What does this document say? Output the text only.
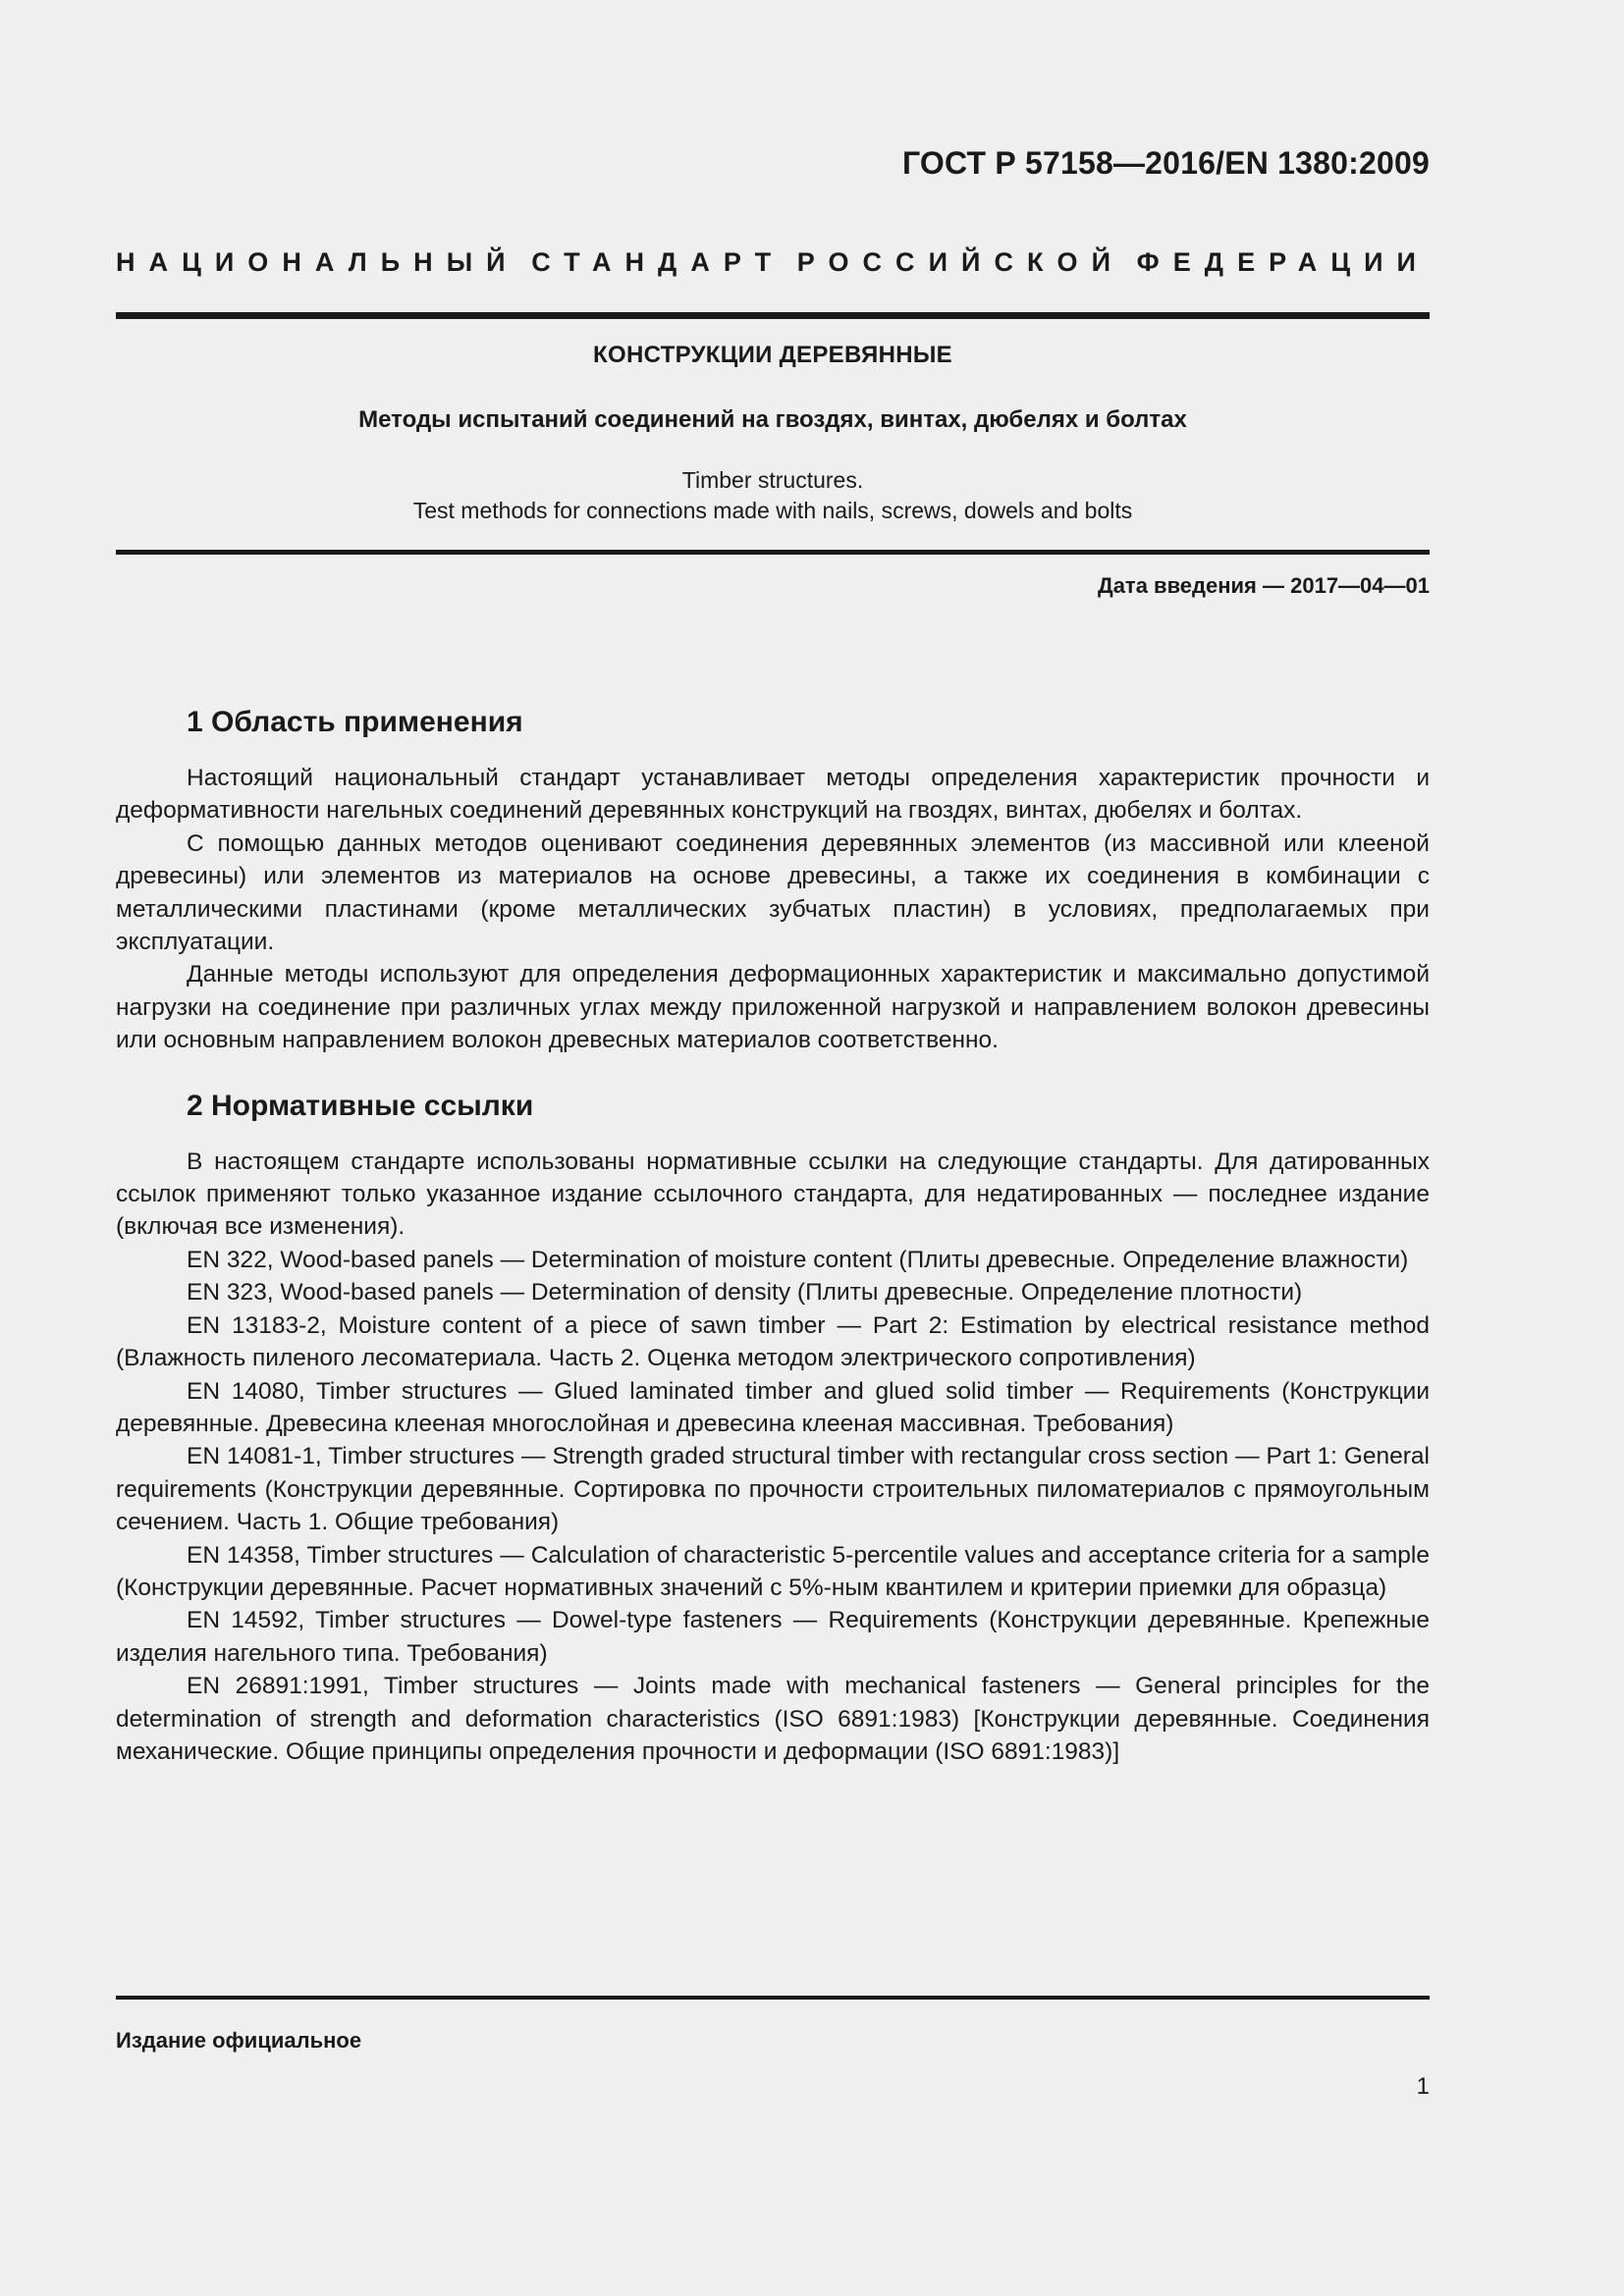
ГОСТ Р 57158—2016/EN 1380:2009
НАЦИОНАЛЬНЫЙ СТАНДАРТ РОССИЙСКОЙ ФЕДЕРАЦИИ
КОНСТРУКЦИИ ДЕРЕВЯННЫЕ
Методы испытаний соединений на гвоздях, винтах, дюбелях и болтах
Timber structures.
Test methods for connections made with nails, screws, dowels and bolts
Дата введения — 2017—04—01
1 Область применения

Настоящий национальный стандарт устанавливает методы определения характеристик прочности и деформативности нагельных соединений деревянных конструкций на гвоздях, винтах, дюбелях и болтах.

С помощью данных методов оценивают соединения деревянных элементов (из массивной или клееной древесины) или элементов из материалов на основе древесины, а также их соединения в комбинации с металлическими пластинами (кроме металлических зубчатых пластин) в условиях, предполагаемых при эксплуатации.

Данные методы используют для определения деформационных характеристик и максимально допустимой нагрузки на соединение при различных углах между приложенной нагрузкой и направлением волокон древесины или основным направлением волокон древесных материалов соответственно.

2 Нормативные ссылки

В настоящем стандарте использованы нормативные ссылки на следующие стандарты. Для датированных ссылок применяют только указанное издание ссылочного стандарта, для недатированных — последнее издание (включая все изменения).

EN 322, Wood-based panels — Determination of moisture content (Плиты древесные. Определение влажности)

EN 323, Wood-based panels — Determination of density (Плиты древесные. Определение плотности)

EN 13183-2, Moisture content of a piece of sawn timber — Part 2: Estimation by electrical resistance method (Влажность пиленого лесоматериала. Часть 2. Оценка методом электрического сопротивления)

EN 14080, Timber structures — Glued laminated timber and glued solid timber — Requirements (Конструкции деревянные. Древесина клееная многослойная и древесина клееная массивная. Требования)

EN 14081-1, Timber structures — Strength graded structural timber with rectangular cross section — Part 1: General requirements (Конструкции деревянные. Сортировка по прочности строительных пиломатериалов с прямоугольным сечением. Часть 1. Общие требования)

EN 14358, Timber structures — Calculation of characteristic 5-percentile values and acceptance criteria for a sample (Конструкции деревянные. Расчет нормативных значений с 5%-ным квантилем и критерии приемки для образца)

EN 14592, Timber structures — Dowel-type fasteners — Requirements (Конструкции деревянные. Крепежные изделия нагельного типа. Требования)

EN 26891:1991, Timber structures — Joints made with mechanical fasteners — General principles for the determination of strength and deformation characteristics (ISO 6891:1983) [Конструкции деревянные. Соединения механические. Общие принципы определения прочности и деформации (ISO 6891:1983)]

Издание официальное
1
